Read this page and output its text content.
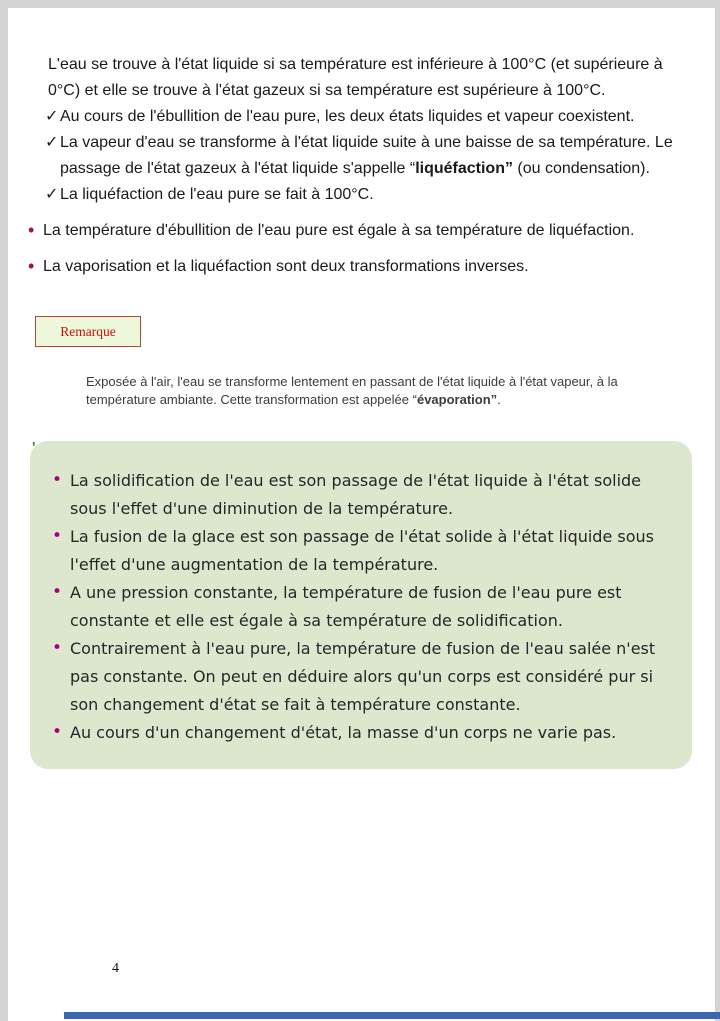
L'eau se trouve à l'état liquide si sa température est inférieure à 100°C (et supérieure à 0°C) et elle se trouve à l'état gazeux si sa température est supérieure à 100°C.

✓ Au cours de l'ébullition de l'eau pure, les deux états liquides et vapeur coexistent.
✓ La vapeur d'eau se transforme à l'état liquide suite à une baisse de sa température. Le passage de l'état gazeux à l'état liquide s'appelle “liquéfaction” (ou condensation).
✓ La liquéfaction de l'eau pure se fait à 100°C.
• La température d'ébullition de l'eau pure est égale à sa température de liquéfaction.
• La vaporisation et la liquéfaction sont deux transformations inverses.
Remarque

Exposée à l'air, l'eau se transforme lentement en passant de l'état liquide à l'état vapeur, à la température ambiante. Cette transformation est appelée “évaporation”.

'
• La solidification de l'eau est son passage de l'état liquide à l'état solide sous l'effet d'une diminution de la température.
• La fusion de la glace est son passage de l'état solide à l'état liquide sous l'effet d'une augmentation de la température.
• A une pression constante, la température de fusion de l'eau pure est constante et elle est égale à sa température de solidification.
• Contrairement à l'eau pure, la température de fusion de l'eau salée n'est pas constante. On peut en déduire alors qu'un corps est considéré pur si son changement d'état se fait à température constante.
• Au cours d'un changement d'état, la masse d'un corps ne varie pas.
4
